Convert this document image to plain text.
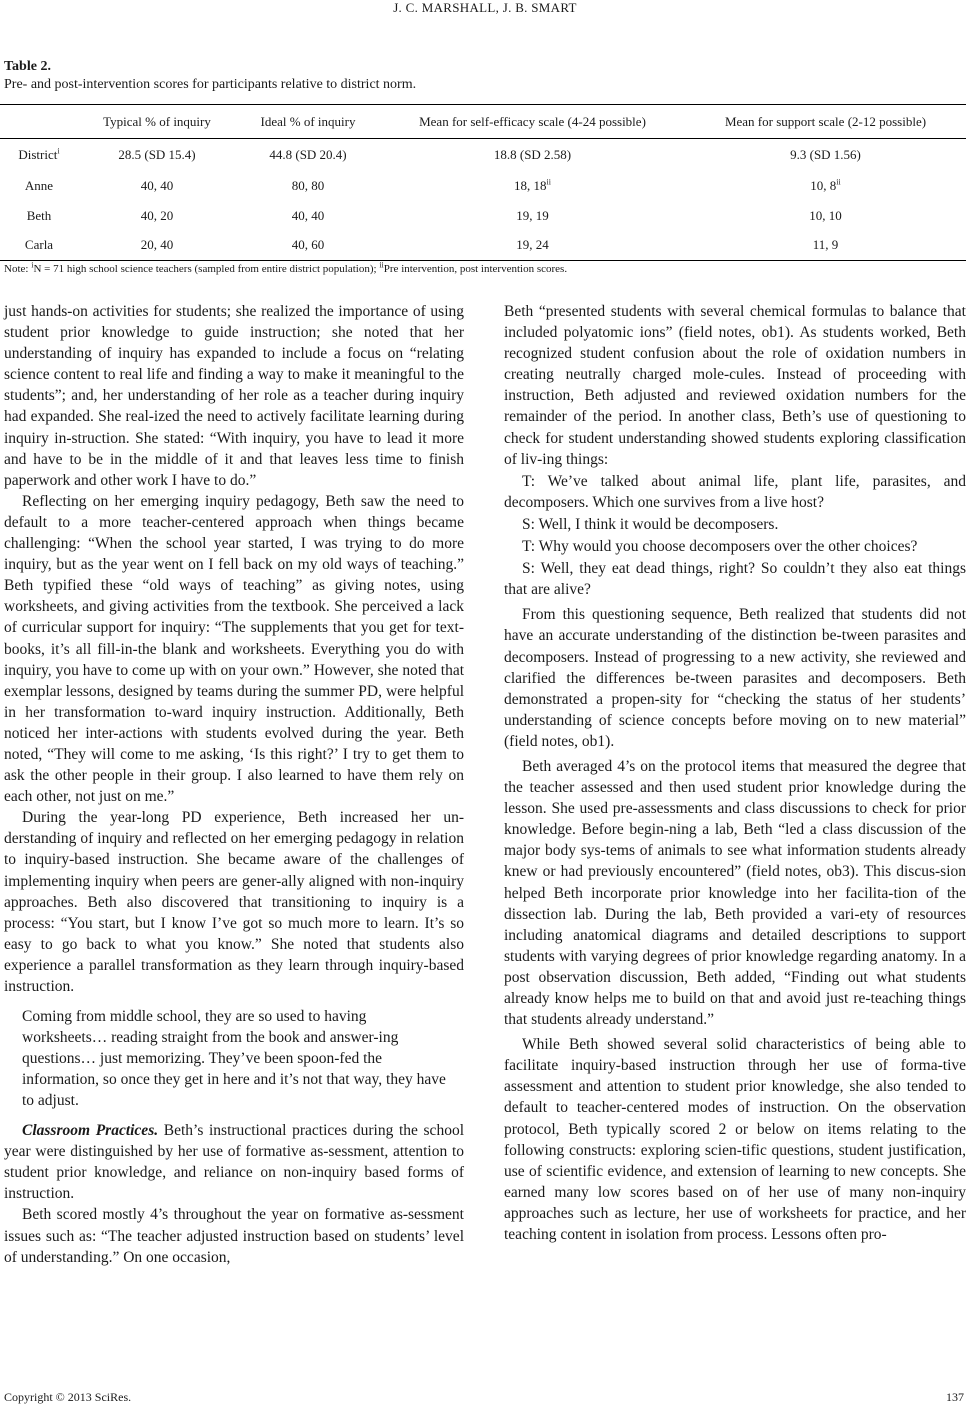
J. C. MARSHALL, J. B. SMART
Table 2.
Pre- and post-intervention scores for participants relative to district norm.
	Typical % of inquiry	Ideal % of inquiry	Mean for self-efficacy scale (4-24 possible)	Mean for support scale (2-12 possible)
District$^i$	28.5 (SD 15.4)	44.8 (SD 20.4)	18.8 (SD 2.58)	9.3 (SD 1.56)
Anne	40, 40	80, 80	18, 18$^{ii}$	10, 8$^{ii}$
Beth	40, 20	40, 40	19, 19	10, 10
Carla	20, 40	40, 60	19, 24	11, 9
Note: $^i$N = 71 high school science teachers (sampled from entire district population); $^{ii}$Pre intervention, post intervention scores.

just hands-on activities for students; she realized the importance of using student prior knowledge to guide instruction; she noted that her understanding of inquiry has expanded to include a focus on “relating science content to real life and finding a way to make it meaningful to the students”; and, her understanding of her role as a teacher during inquiry had expanded. She real-ized the need to actively facilitate learning during inquiry in-struction. She stated: “With inquiry, you have to lead it more and have to be in the middle of it and that leaves less time to finish paperwork and other work I have to do.”

Reflecting on her emerging inquiry pedagogy, Beth saw the need to default to a more teacher-centered approach when things became challenging: “When the school year started, I was trying to do more inquiry, but as the year went on I fell back on my old ways of teaching.” Beth typified these “old ways of teaching” as giving notes, using worksheets, and giving activities from the textbook. She perceived a lack of curricular support for inquiry: “The supplements that you get for text-books, it’s all fill-in-the blank and worksheets. Everything you do with inquiry, you have to come up with on your own.” However, she noted that exemplar lessons, designed by teams during the summer PD, were helpful in her transformation to-ward inquiry instruction. Additionally, Beth noticed her inter-actions with students evolved during the year. Beth noted, “They will come to me asking, ‘Is this right?’ I try to get them to ask the other people in their group. I also learned to have them rely on each other, not just on me.”

During the year-long PD experience, Beth increased her un-derstanding of inquiry and reflected on her emerging pedagogy in relation to inquiry-based instruction. She became aware of the challenges of implementing inquiry when peers are gener-ally aligned with non-inquiry approaches. Beth also discovered that transitioning to inquiry is a process: “You start, but I know I’ve got so much more to learn. It’s so easy to go back to what you know.” She noted that students also experience a parallel transformation as they learn through inquiry-based instruction.

Coming from middle school, they are so used to having worksheets… reading straight from the book and answer-ing questions… just memorizing. They’ve been spoon-fed the information, so once they get in here and it’s not that way, they have to adjust.

Classroom Practices. Beth’s instructional practices during the school year were distinguished by her use of formative as-sessment, attention to student prior knowledge, and reliance on non-inquiry based forms of instruction.

Beth scored mostly 4’s throughout the year on formative as-sessment issues such as: “The teacher adjusted instruction based on students’ level of understanding.” On one occasion,

Beth “presented students with several chemical formulas to balance that included polyatomic ions” (field notes, ob1). As students worked, Beth recognized student confusion about the role of oxidation numbers in creating neutrally charged mole-cules. Instead of proceeding with instruction, Beth adjusted and reviewed oxidation numbers for the remainder of the period. In another class, Beth’s use of questioning to check for student understanding showed students exploring classification of liv-ing things:

T: We’ve talked about animal life, plant life, parasites, and decomposers. Which one survives from a live host?

S: Well, I think it would be decomposers.

T: Why would you choose decomposers over the other choices?

S: Well, they eat dead things, right? So couldn’t they also eat things that are alive?

From this questioning sequence, Beth realized that students did not have an accurate understanding of the distinction be-tween parasites and decomposers. Instead of progressing to a new activity, she reviewed and clarified the differences be-tween parasites and decomposers. Beth demonstrated a propen-sity for “checking the status of her students’ understanding of science concepts before moving on to new material” (field notes, ob1).

Beth averaged 4’s on the protocol items that measured the degree that the teacher assessed and then used student prior knowledge during the lesson. She used pre-assessments and class discussions to check for prior knowledge. Before begin-ning a lab, Beth “led a class discussion of the major body sys-tems of animals to see what information students already knew or had previously encountered” (field notes, ob3). This discus-sion helped Beth incorporate prior knowledge into her facilita-tion of the dissection lab. During the lab, Beth provided a vari-ety of resources including anatomical diagrams and detailed descriptions to support students with varying degrees of prior knowledge regarding anatomy. In a post observation discussion, Beth added, “Finding out what students already know helps me to build on that and avoid just re-teaching things that students already understand.”

While Beth showed several solid characteristics of being able to facilitate inquiry-based instruction through her use of forma-tive assessment and attention to student prior knowledge, she also tended to default to teacher-centered modes of instruction. On the observation protocol, Beth typically scored 2 or below on items relating to the following constructs: exploring scien-tific questions, student justification, use of scientific evidence, and extension of learning to new concepts. She earned many low scores based on of her use of many non-inquiry approaches such as lecture, her use of worksheets for practice, and her teaching content in isolation from process. Lessons often pro-

Copyright © 2013 SciRes.	137
